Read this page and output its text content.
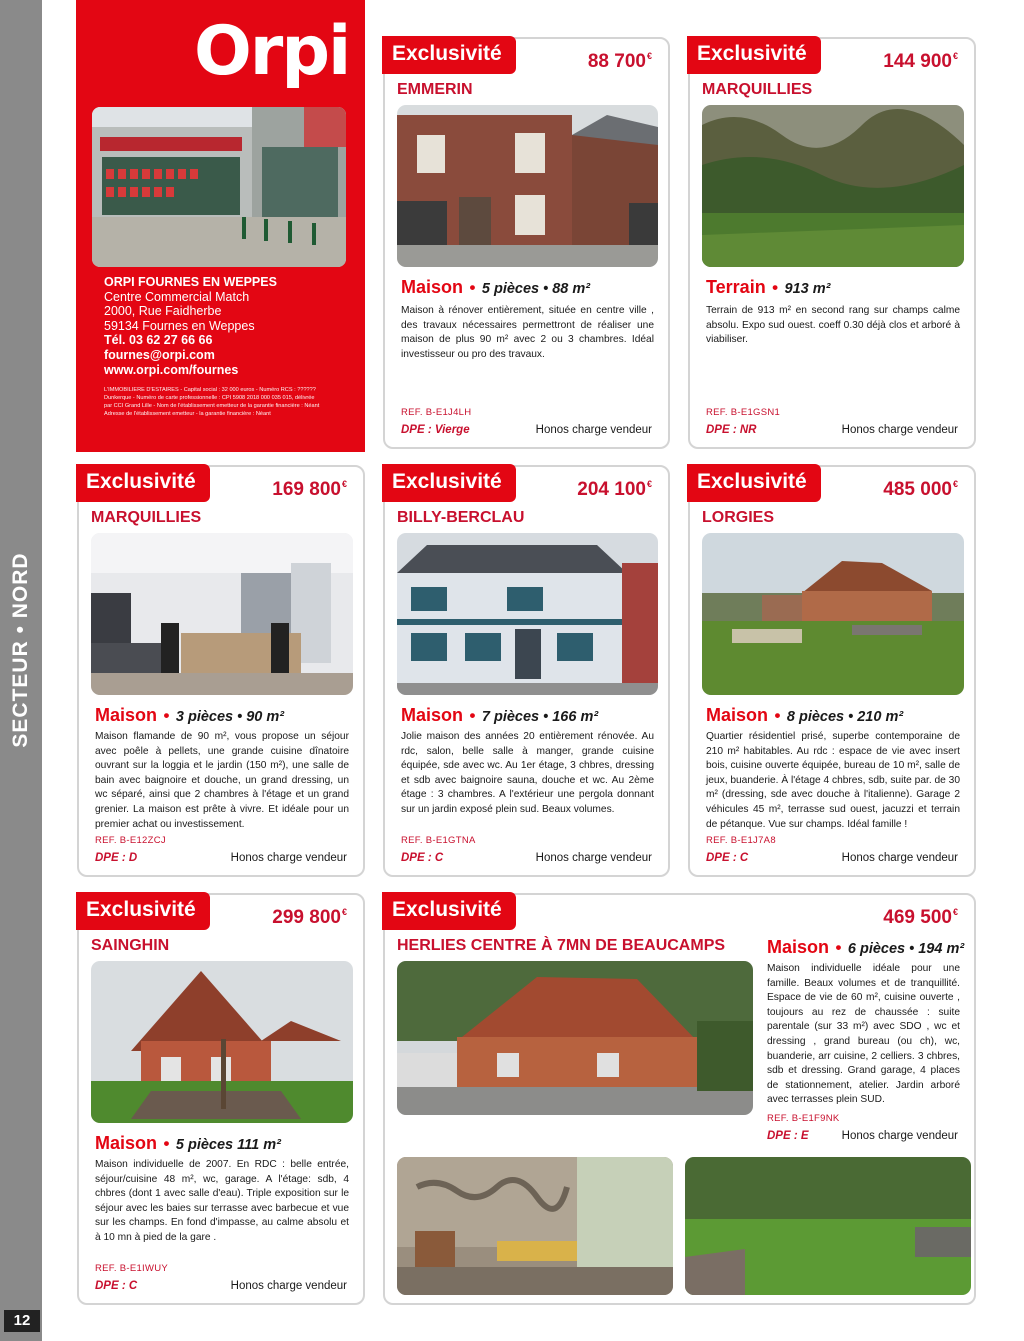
SECTEUR • NORD
12
Orpi
ORPI FOURNES EN WEPPES
Centre Commercial Match
2000, Rue Faidherbe
59134 Fournes en Weppes
Tél. 03 62 27 66 66
fournes@orpi.com
www.orpi.com/fournes
L'IMMOBILIERE D'ESTAIRES - Capital social : 32 000 euros - Numéro RCS : ??????
Dunkerque - Numéro de carte professionnelle : CPI 5908 2018 000 035 015, délivrée
par CCI Grand Lille - Nom de l'établissement emetteur de la garantie financière : Néant
Adresse de l'établissement emetteur - la garantie financière : Néant
Exclusivité	88 700€
EMMERIN
Maison • 5 pièces • 88 m²
Maison à rénover entièrement, située en centre ville , des travaux nécessaires permettront de réaliser une maison de plus 90 m² avec 2 ou 3 chambres. Idéal investisseur ou pro des travaux.
REF. B-E1J4LH
DPE : Vierge	Honos charge vendeur
Exclusivité	144 900€
MARQUILLIES
Terrain • 913 m²
Terrain de 913 m² en second rang sur champs calme absolu. Expo sud ouest. coeff 0.30 déjà clos et arboré à viabiliser.
REF. B-E1GSN1
DPE : NR	Honos charge vendeur
Exclusivité	169 800€
MARQUILLIES
Maison • 3 pièces • 90 m²
Maison flamande de 90 m², vous propose un séjour avec poêle à pellets, une grande cuisine dînatoire ouvrant sur la loggia et le jardin (150 m²), une salle de bain avec baignoire et douche, un grand dressing, un wc séparé, ainsi que 2 chambres à l'étage et un grand grenier. La maison est prête à vivre. Et idéale pour un premier achat ou investissement.
REF. B-E12ZCJ
DPE : D	Honos charge vendeur
Exclusivité	204 100€
BILLY-BERCLAU
Maison • 7 pièces • 166 m²
Jolie maison des années 20 entièrement rénovée. Au rdc, salon, belle salle à manger, grande cuisine équipée, sde avec wc. Au 1er étage, 3 chbres, dressing et sdb avec baignoire sauna, douche et wc. Au 2ème étage : 3 chambres. A l'extérieur une pergola donnant sur un jardin exposé plein sud. Beaux volumes.
REF. B-E1GTNA
DPE : C	Honos charge vendeur
Exclusivité	485 000€
LORGIES
Maison • 8 pièces • 210 m²
Quartier résidentiel prisé, superbe contemporaine de 210 m² habitables. Au rdc : espace de vie avec insert bois, cuisine ouverte équipée, bureau de 10 m², salle de jeux, buanderie. À l'étage 4 chbres, sdb, suite par. de 30 m² (dressing, sde avec douche à l'italienne). Garage 2 véhicules 45 m², terrasse sud ouest, jacuzzi et terrain de pétanque. Vue sur champs. Idéal famille !
REF. B-E1J7A8
DPE : C	Honos charge vendeur
Exclusivité	299 800€
SAINGHIN
Maison • 5 pièces 111 m²
Maison individuelle de 2007. En RDC : belle entrée, séjour/cuisine 48 m², wc, garage. A l'étage: sdb, 4 chbres (dont 1 avec salle d'eau). Triple exposition sur le séjour avec les baies sur terrasse avec barbecue et vue sur les champs. En fond d'impasse, au calme absolu et à 10 mn à pied de la gare .
REF. B-E1IWUY
DPE : C	Honos charge vendeur
Exclusivité	469 500€
HERLIES CENTRE À 7MN DE BEAUCAMPS Maison • 6 pièces • 194 m²
Maison individuelle idéale pour une famille. Beaux volumes et de tranquillité. Espace de vie de 60 m², cuisine ouverte , toujours au rez de chaussée : suite parentale (sur 33 m²) avec SDO , wc et dressing , grand bureau (ou ch), wc, buanderie, arr cuisine, 2 celliers. 3 chbres, sdb et dressing. Grand garage, 4 places de stationnement, atelier. Jardin arboré avec terrasses plein SUD.
REF. B-E1F9NK
DPE : E	Honos charge vendeur
